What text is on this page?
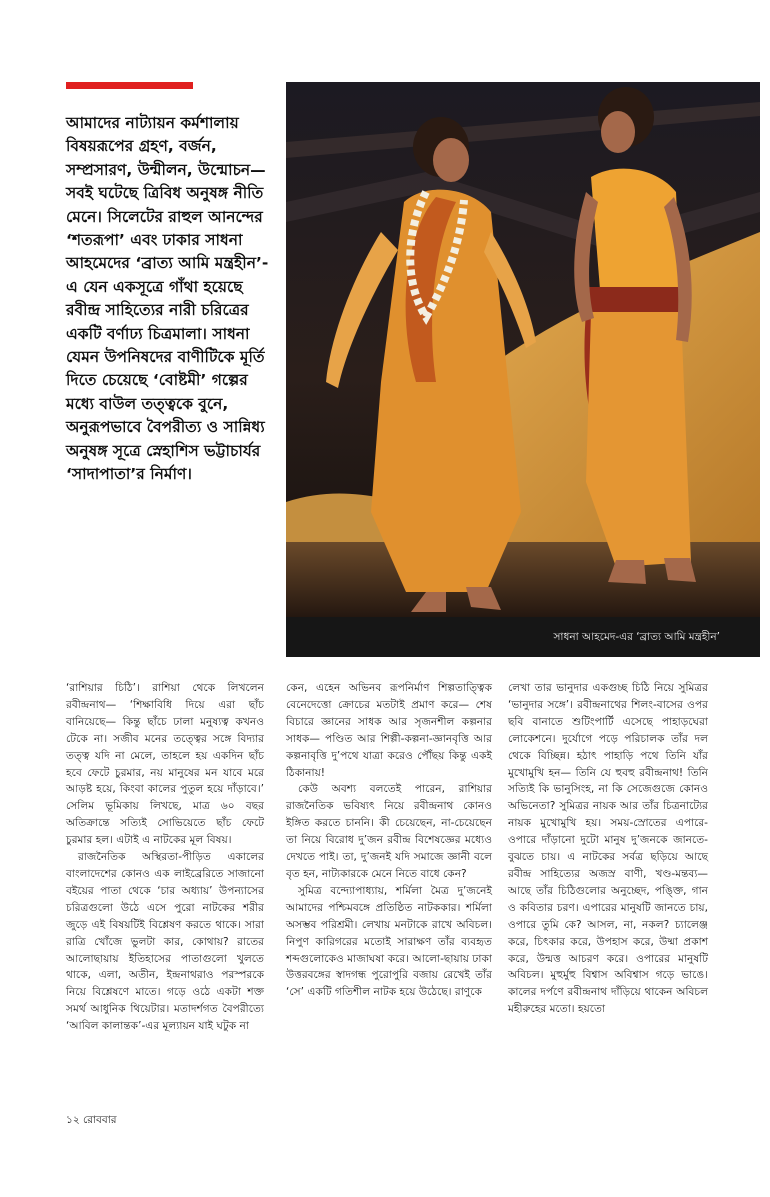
আমাদের নাট্যায়ন কর্মশালায় বিষয়রূপের গ্রহণ, বর্জন, সম্প্রসারণ, উন্মীলন, উন্মোচন— সবই ঘটেছে ত্রিবিধ অনুষঙ্গ নীতি মেনে। সিলেটের রাহুল আনন্দের ‘শতরূপা’ এবং ঢাকার সাধনা আহমেদের ‘ব্রাত্য আমি মন্ত্রহীন’-এ যেন একসূত্রে গাঁথা হয়েছে রবীন্দ্র সাহিত্যের নারী চরিত্রের একটি বর্ণাঢ্য চিত্রমালা। সাধনা যেমন উপনিষদের বাণীটিকে মূর্তি দিতে চেয়েছে ‘বোষ্টমী’ গল্পের মধ্যে বাউল তত্ত্বকে বুনে, অনুরূপভাবে বৈপরীত্য ও সান্নিধ্য অনুষঙ্গ সূত্রে স্নেহাশিস ভট্টাচার্যর ‘সাদাপাতা’র নির্মাণ।

সাধনা আহমেদ-এর ‘ব্রাত্য আমি মন্ত্রহীন’

‘রাশিয়ার চিঠি’। রাশিয়া থেকে লিখলেন রবীন্দ্রনাথ— ‘শিক্ষাবিধি দিয়ে এরা ছাঁচ বানিয়েছে— কিন্তু ছাঁচে ঢালা মনুষ্যত্ব কখনও টেকে না। সজীব মনের তত্ত্বের সঙ্গে বিদ্যার তত্ত্ব যদি না মেলে, তাহলে হয় একদিন ছাঁচ হবে ফেটে চুরমার, নয় মানুষের মন যাবে মরে আড়ষ্ট হয়ে, কিংবা কালের পুতুল হয়ে দাঁড়াবে।’ সেলিম ভূমিকায় লিখছে, মাত্র ৬০ বছর অতিক্রান্তে সত্যিই সোভিয়েতে ছাঁচ ফেটে চুরমার হল। এটাই এ নাটকের মূল বিষয়।

রাজনৈতিক অস্থিরতা-পীড়িত একালের বাংলাদেশের কোনও এক লাইব্রেরিতে সাজানো বইয়ের পাতা থেকে ‘চার অধ্যায়’ উপন্যাসের চরিত্রগুলো উঠে এসে পুরো নাটকের শরীর জুড়ে এই বিষয়টিই বিশ্লেষণ করতে থাকে। সারা রাত্রি খোঁজে ভুলটা কার, কোথায়? রাতের আলোছায়ায় ইতিহাসের পাতাগুলো খুলতে থাকে, এলা, অতীন, ইন্দ্রনাথরাও পরস্পরকে নিয়ে বিশ্লেষণে মাতে। গড়ে ওঠে একটা শক্ত সমর্থ আধুনিক থিয়েটার। মতাদর্শগত বৈপরীত্যে ‘আবিল কালান্তক’-এর মূল্যায়ন যাই ঘটুক না

কেন, এহেন অভিনব রূপনির্মাণ শিল্পতাত্ত্বিক বেনেদেত্তো ক্রোচের মতটাই প্রমাণ করে— শেষ বিচারে জ্ঞানের সাধক আর সৃজনশীল কল্পনার সাধক— পণ্ডিত আর শিল্পী-কল্পনা-জ্ঞানবৃত্তি আর কল্পনাবৃত্তি দু’পথে যাত্রা করেও পৌঁছয় কিন্তু একই ঠিকানায়!

কেউ অবশ্য বলতেই পারেন, রাশিয়ার রাজনৈতিক ভবিষ্যৎ নিয়ে রবীন্দ্রনাথ কোনও ইঙ্গিত করতে চাননি। কী চেয়েছেন, না-চেয়েছেন তা নিয়ে বিরোধ দু’জন রবীন্দ্র বিশেষজ্ঞের মধ্যেও দেখতে পাই। তা, দু’জনই যদি সমাজে জ্ঞানী বলে বৃত হন, নাট্যকারকে মেনে নিতে বাধে কেন?

সুমিত্র বন্দ্যোপাধ্যায়, শর্মিলা মৈত্র দু’জনেই আমাদের পশ্চিমবঙ্গে প্রতিষ্ঠিত নাটককার। শর্মিলা অসম্ভব পরিশ্রমী। লেখায় মনটাকে রাখে অবিচল। নিপুণ কারিগরের মতোই সারাক্ষণ তাঁর ব্যবহৃত শব্দগুলোকেও মাজাঘষা করে। আলো-ছায়ায় ঢাকা উত্তরবঙ্গের স্বাদগন্ধ পুরোপুরি বজায় রেখেই তাঁর ‘সে’ একটি গতিশীল নাটক হয়ে উঠেছে। রাণুকে

লেখা তার ভানুদার একগুচ্ছ চিঠি নিয়ে সুমিত্রর ‘ভানুদার সঙ্গে’। রবীন্দ্রনাথের শিলং-বাসের ওপর ছবি বানাতে শুটিংপার্টি এসেছে পাহাড়ঘেরা লোকেশনে। দুর্যোগে পড়ে পরিচালক তাঁর দল থেকে বিচ্ছিন্ন। হঠাৎ পাহাড়ি পথে তিনি যাঁর মুখোমুখি হন— তিনি যে হুবহু রবীন্দ্রনাথ! তিনি সত্যিই কি ভানুসিংহ, না কি সেজেগুজে কোনও অভিনেতা? সুমিত্রর নায়ক আর তাঁর চিত্রনাট্যের নায়ক মুখোমুখি হয়। সময়-স্রোতের এপারে-ওপারে দাঁড়ানো দুটো মানুষ দু’জনকে জানতে-বুঝতে চায়। এ নাটকের সর্বত্র ছড়িয়ে আছে রবীন্দ্র সাহিত্যের অজস্র বাণী, খণ্ড-মন্তব্য— আছে তাঁর চিঠিগুলোর অনুচ্ছেদ, পঙ্ক্তি, গান ও কবিতার চরণ। এপারের মানুষটি জানতে চায়, ওপারে তুমি কে? আসল, না, নকল? চ্যালেঞ্জ করে, চিৎকার করে, উপহাস করে, উষ্মা প্রকাশ করে, উন্মত্ত আচরণ করে। ওপারের মানুষটি অবিচল। মুহুর্মুহু বিশ্বাস অবিশ্বাস গড়ে ভাঙে। কালের দর্পণে রবীন্দ্রনাথ দাঁড়িয়ে থাকেন অবিচল মহীরুহের মতো। হয়তো

১২ রোববার
